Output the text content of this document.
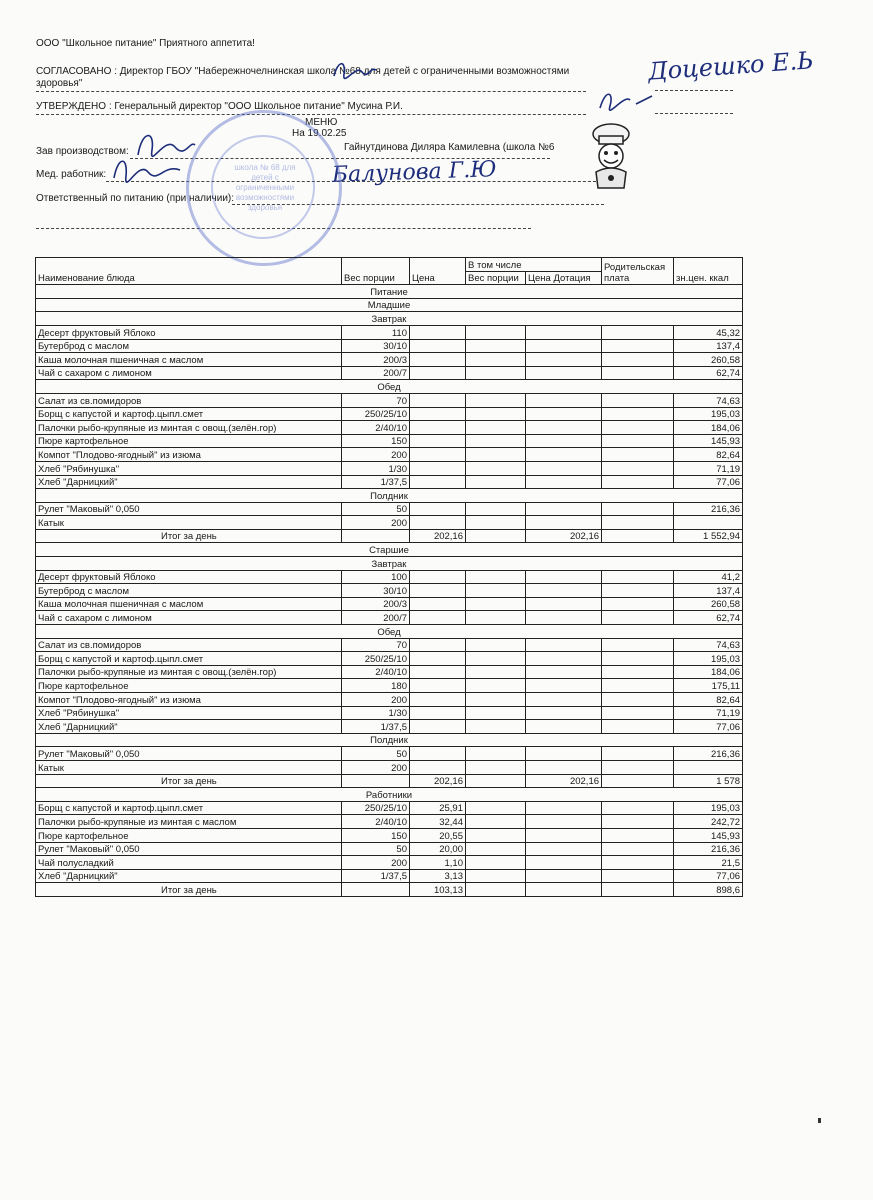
ООО "Школьное питание" Приятного аппетита!
СОГЛАСОВАНО : Директор ГБОУ "Набережночелнинская школа №68 для детей с ограниченными возможностями
здоровья"
УТВЕРЖДЕНО : Генеральный директор "ООО Школьное питание" Мусина Р.И.
МЕНЮ
На 19.02.25
Зав производством:	Гайнутдинова Диляра Камилевна (школа №6
Мед. работник:
Ответственный по питанию (при наличии):
Доцешко Е.Ь
Балунова Г.Ю
школа № 68 для детей с ограниченными возможностями здоровья
Наименование блюда	Вес порции	Цена	В том числе		Родительская плата	зн.цен. ккал
			Вес порции	Цена Дотация		
Питание						
Младшие						
Завтрак						
Десерт фруктовый Яблоко	110					45,32
Бутерброд с маслом	30/10					137,4
Каша молочная пшеничная с маслом	200/3					260,58
Чай с сахаром с лимоном	200/7					62,74
Обед						
Салат из св.помидоров	70					74,63
Борщ с капустой и картоф.цыпл.смет	250/25/10					195,03
Палочки рыбо-крупяные из минтая с овощ.(зелён.гор)	2/40/10					184,06
Пюре картофельное	150					145,93
Компот "Плодово-ягодный" из изюма	200					82,64
Хлеб "Рябинушка"	1/30					71,19
Хлеб "Дарницкий"	1/37,5					77,06
Полдник						
Рулет "Маковый" 0,050	50					216,36
Катык	200					
Итог за день		202,16		202,16		1 552,94
Старшие						
Завтрак						
Десерт фруктовый Яблоко	100					41,2
Бутерброд с маслом	30/10					137,4
Каша молочная пшеничная с маслом	200/3					260,58
Чай с сахаром с лимоном	200/7					62,74
Обед						
Салат из св.помидоров	70					74,63
Борщ с капустой и картоф.цыпл.смет	250/25/10					195,03
Палочки рыбо-крупяные из минтая с овощ.(зелён.гор)	2/40/10					184,06
Пюре картофельное	180					175,11
Компот "Плодово-ягодный" из изюма	200					82,64
Хлеб "Рябинушка"	1/30					71,19
Хлеб "Дарницкий"	1/37,5					77,06
Полдник						
Рулет "Маковый" 0,050	50					216,36
Катык	200					
Итог за день		202,16		202,16		1 578
Работники						
Борщ с капустой и картоф.цыпл.смет	250/25/10	25,91				195,03
Палочки рыбо-крупяные из минтая с маслом	2/40/10	32,44				242,72
Пюре картофельное	150	20,55				145,93
Рулет "Маковый" 0,050	50	20,00				216,36
Чай полусладкий	200	1,10				21,5
Хлеб "Дарницкий"	1/37,5	3,13				77,06
Итог за день		103,13				898,6
